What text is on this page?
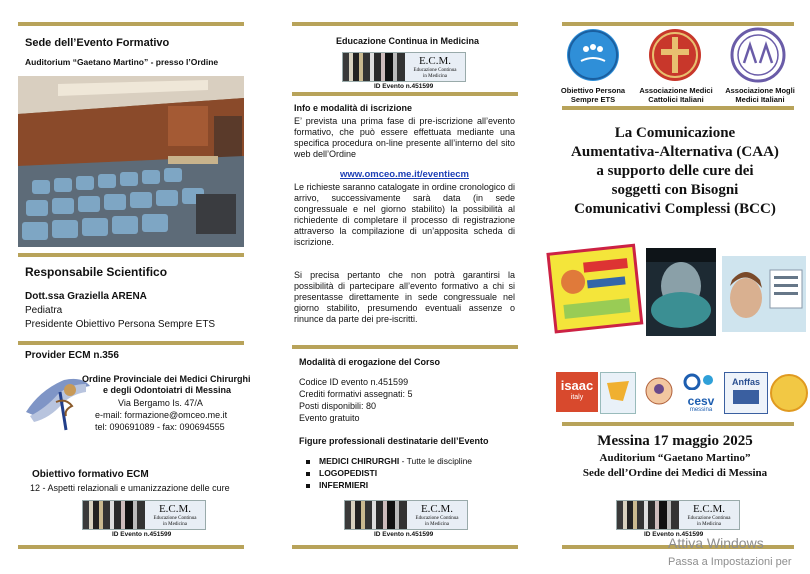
Sede dell’Evento Formativo
Auditorium “Gaetano Martino” - presso l’Ordine
Responsabile Scientifico
Dott.ssa Graziella ARENA
Pediatra
Presidente Obiettivo Persona Sempre ETS
Provider ECM n.356
Ordine Provinciale dei Medici Chirurghi
e degli Odontoiatri di Messina
Via Bergamo Is. 47/A
e-mail: formazione@omceo.me.it
tel: 090691089 - fax: 090694555
Obiettivo formativo ECM
12 - Aspetti relazionali e umanizzazione delle cure
E.C.M.
Educazione Continua
in Medicina
ID Evento n.451599
Educazione Continua in Medicina
E.C.M.
Educazione Continua
in Medicina
ID Evento n.451599
Info e modalità di iscrizione
E’ prevista una prima fase di pre-iscrizione all’evento formativo, che può essere effettuata mediante una specifica procedura on-line presente all’interno del sito web dell’Ordine
www.omceo.me.it/eventiecm
Le richieste saranno catalogate in ordine cronologico di arrivo, successivamente sarà data (in sede congressuale e nel giorno stabilito) la possibilità al richiedente di completare il processo di registrazione attraverso la compilazione di un’apposita scheda di iscrizione.
Si precisa pertanto che non potrà garantirsi la possibilità di partecipare all’evento formativo a chi si presentasse direttamente in sede congressuale nel giorno stabilito, presumendo eventuali assenze o rinunce da parte dei pre-iscritti.
Modalità di erogazione del Corso
Codice ID evento n.451599
Crediti formativi assegnati: 5
Posti disponibili: 80
Evento gratuito
Figure professionali destinatarie dell’Evento
MEDICI CHIRURGHI - Tutte le discipline
LOGOPEDISTI
INFERMIERI
E.C.M.
Educazione Continua
in Medicina
ID Evento n.451599
Obiettivo Persona
Sempre ETS
Associazione Medici
Cattolici Italiani
Associazione Mogli
Medici Italiani
La Comunicazione
Aumentativa-Alternativa (CAA)
a supporto delle cure dei
soggetti con Bisogni
Comunicativi Complessi (BCC)
isaac
italy	cesv
messina
Anffas
Messina 17 maggio 2025
Auditorium “Gaetano Martino”
Sede dell’Ordine dei Medici di Messina
E.C.M.
Educazione Continua
in Medicina
ID Evento n.451599
Attiva Windows
Passa a Impostazioni per
